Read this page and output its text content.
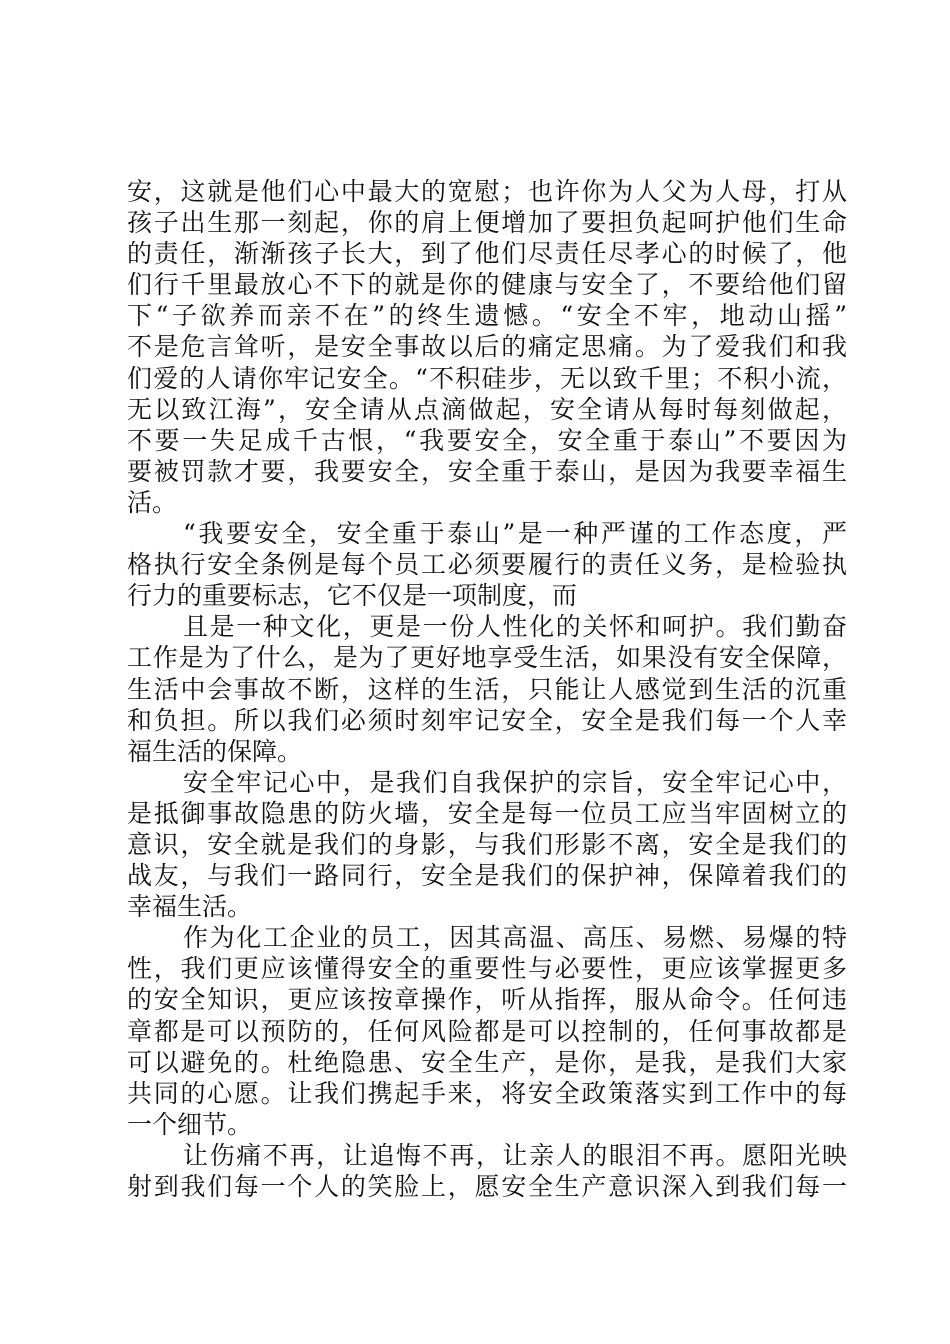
安，这就是他们心中最大的宽慰；也许你为人父为人母，打从
孩子出生那一刻起，你的肩上便增加了要担负起呵护他们生命
的责任，渐渐孩子长大，到了他们尽责任尽孝心的时候了，他
们行千里最放心不下的就是你的健康与安全了，不要给他们留
下“子欲养而亲不在”的终生遗憾。“安全不牢，地动山摇”
不是危言耸听，是安全事故以后的痛定思痛。为了爱我们和我
们爱的人请你牢记安全。“不积硅步，无以致千里；不积小流，
无以致江海”，安全请从点滴做起，安全请从每时每刻做起，
不要一失足成千古恨，“我要安全，安全重于泰山”不要因为
要被罚款才要，我要安全，安全重于泰山，是因为我要幸福生
活。
“我要安全，安全重于泰山”是一种严谨的工作态度，严
格执行安全条例是每个员工必须要履行的责任义务，是检验执
行力的重要标志，它不仅是一项制度，而
且是一种文化，更是一份人性化的关怀和呵护。我们勤奋
工作是为了什么，是为了更好地享受生活，如果没有安全保障，
生活中会事故不断，这样的生活，只能让人感觉到生活的沉重
和负担。所以我们必须时刻牢记安全，安全是我们每一个人幸
福生活的保障。
安全牢记心中，是我们自我保护的宗旨，安全牢记心中，
是抵御事故隐患的防火墙，安全是每一位员工应当牢固树立的
意识，安全就是我们的身影，与我们形影不离，安全是我们的
战友，与我们一路同行，安全是我们的保护神，保障着我们的
幸福生活。
作为化工企业的员工，因其高温、高压、易燃、易爆的特
性，我们更应该懂得安全的重要性与必要性，更应该掌握更多
的安全知识，更应该按章操作，听从指挥，服从命令。任何违
章都是可以预防的，任何风险都是可以控制的，任何事故都是
可以避免的。杜绝隐患、安全生产，是你，是我，是我们大家
共同的心愿。让我们携起手来，将安全政策落实到工作中的每
一个细节。
让伤痛不再，让追悔不再，让亲人的眼泪不再。愿阳光映
射到我们每一个人的笑脸上，愿安全生产意识深入到我们每一
